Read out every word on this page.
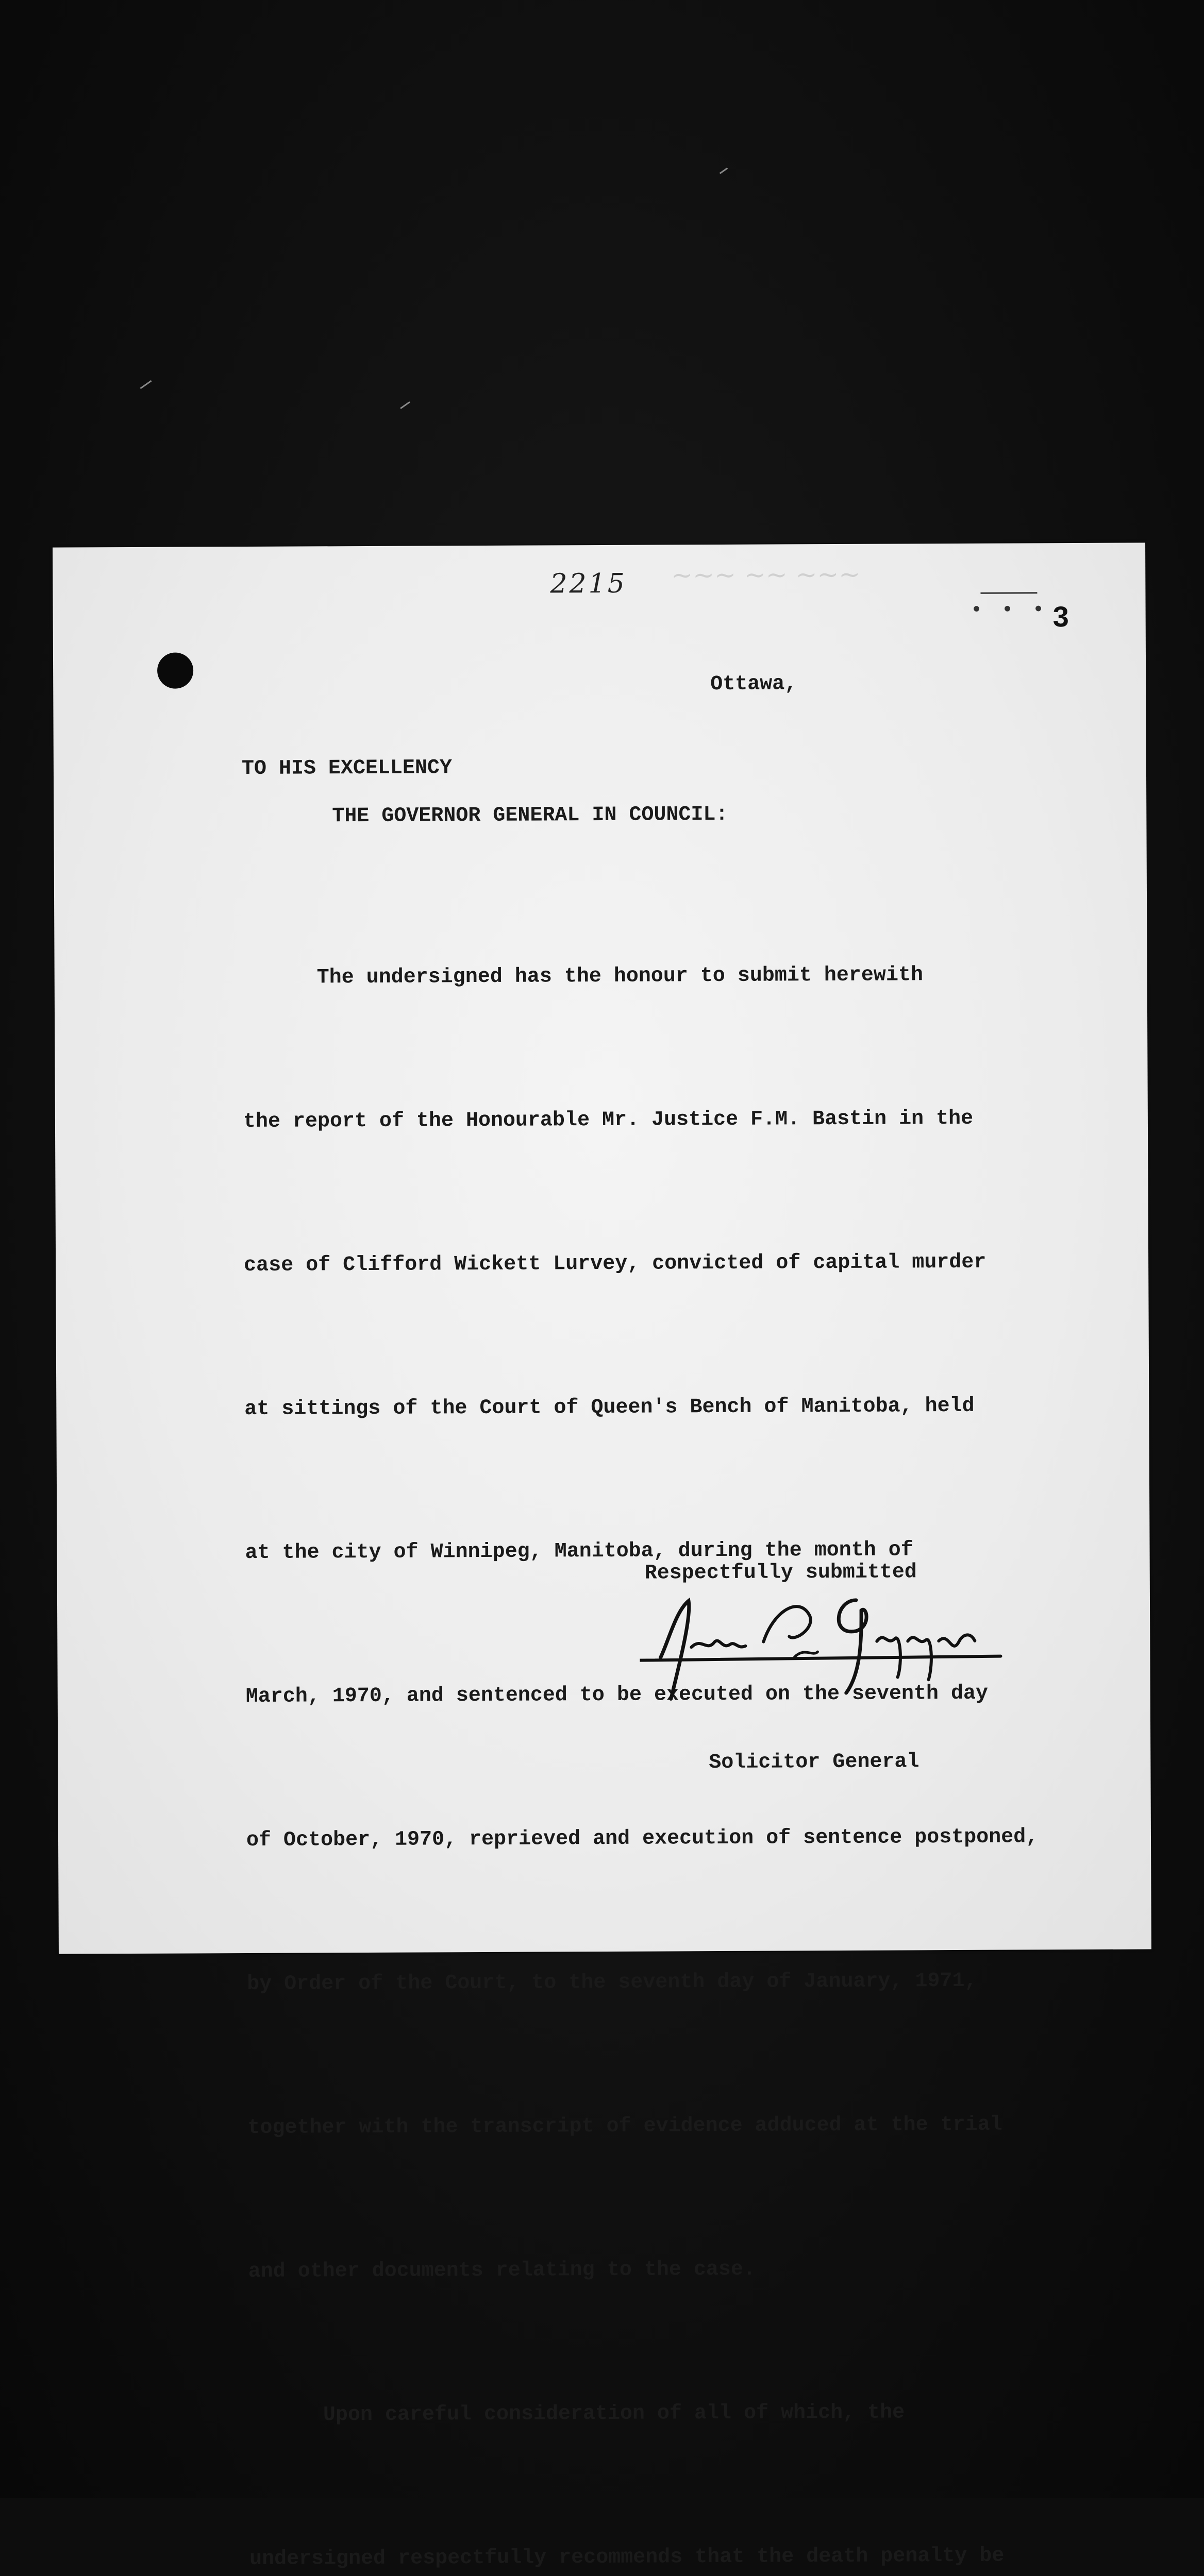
~~~ ~~ ~~~
2215
• • • 3
Ottawa,
TO HIS EXCELLENCY
THE GOVERNOR GENERAL IN COUNCIL:

The undersigned has the honour to submit herewith

the report of the Honourable Mr. Justice F.M. Bastin in the

case of Clifford Wickett Lurvey, convicted of capital murder

at sittings of the Court of Queen's Bench of Manitoba, held

at the city of Winnipeg, Manitoba, during the month of

March, 1970, and sentenced to be executed on the seventh day

of October, 1970, reprieved and execution of sentence postponed,

by Order of the Court, to the seventh day of January, 1971,

together with the transcript of evidence adduced at the trial

and other documents relating to the case.

Upon careful consideration of all of which, the

undersigned respectfully recommends that the death penalty be

Respectfully submitted
Solicitor General
